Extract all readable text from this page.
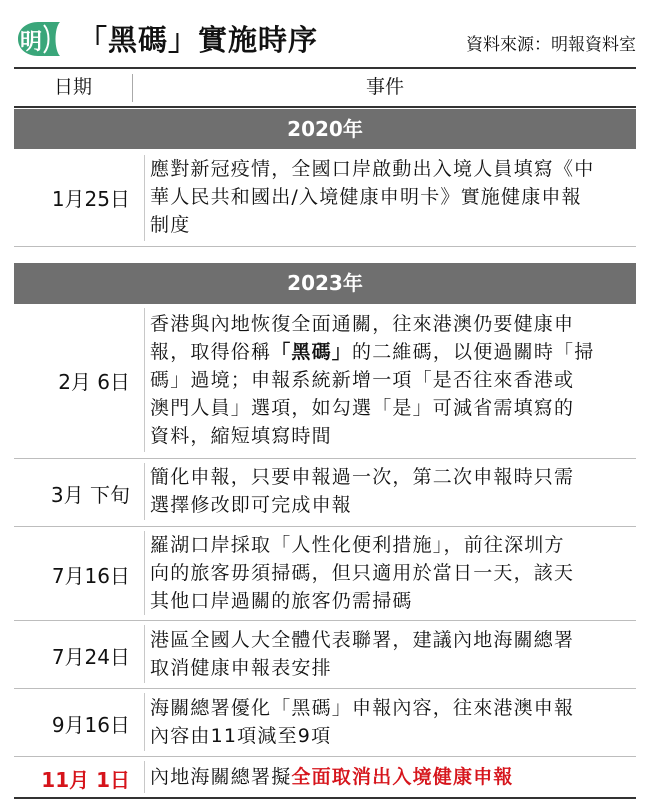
明 「黑碼」實施時序	資料來源：明報資料室
日期	事件
2020年
1月25日
應對新冠疫情，全國口岸啟動出入境人員填寫《中
華人民共和國出/入境健康申明卡》實施健康申報
制度
2023年
2月 6日
香港與內地恢復全面通關，往來港澳仍要健康申
報，取得俗稱「黑碼」的二維碼，以便過關時「掃
碼」過境；申報系統新增一項「是否往來香港或
澳門人員」選項，如勾選「是」可減省需填寫的
資料，縮短填寫時間
3月 下旬
簡化申報，只要申報過一次，第二次申報時只需
選擇修改即可完成申報
7月16日
羅湖口岸採取「人性化便利措施」，前往深圳方
向的旅客毋須掃碼，但只適用於當日一天，該天
其他口岸過關的旅客仍需掃碼
7月24日
港區全國人大全體代表聯署，建議內地海關總署
取消健康申報表安排
9月16日
海關總署優化「黑碼」申報內容，往來港澳申報
內容由11項減至9項
11月 1日 內地海關總署擬全面取消出入境健康申報
